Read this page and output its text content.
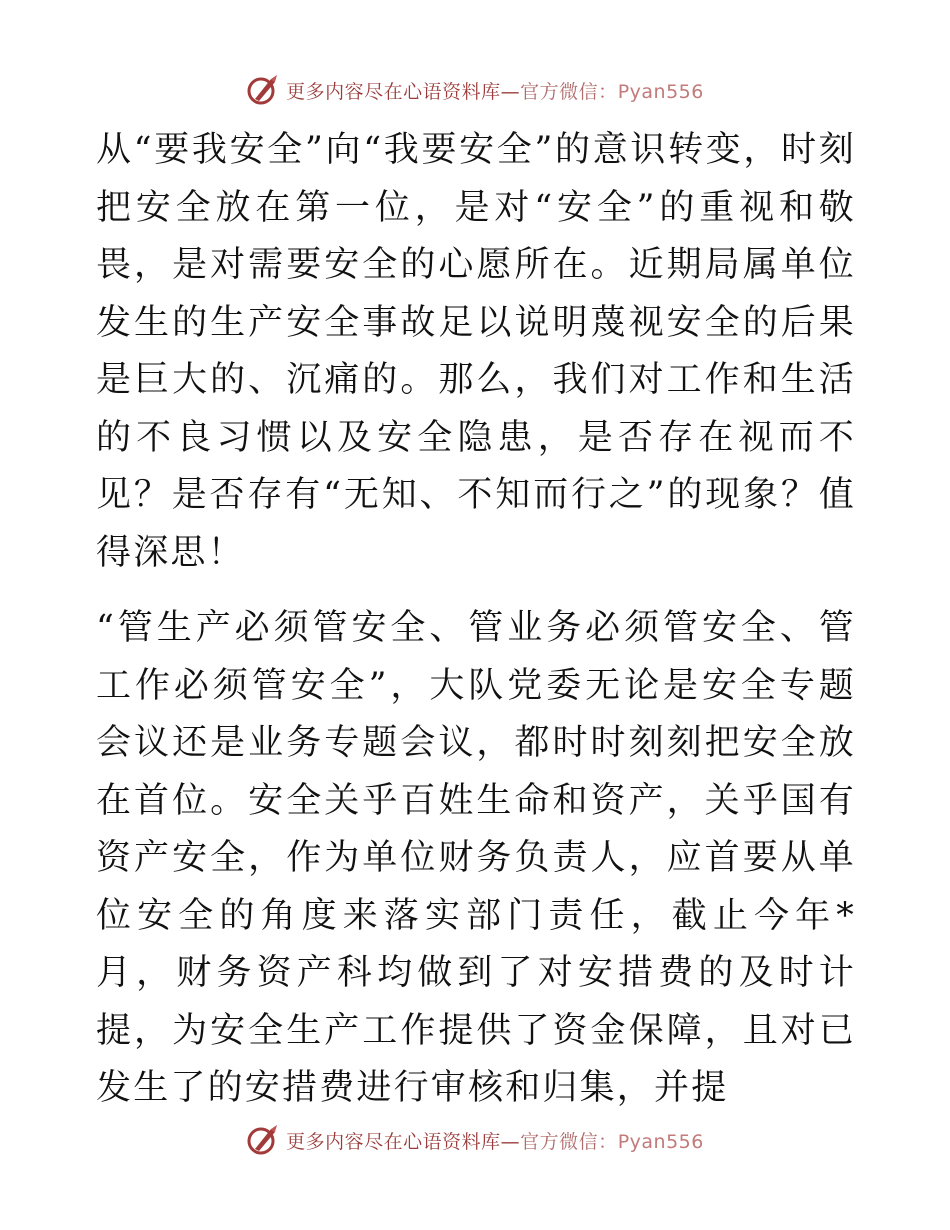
更多内容尽在心语资料库—官方微信：Pyan556

从“要我安全”向“我要安全”的意识转变，时刻把安全放在第一位，是对“安全”的重视和敬畏，是对需要安全的心愿所在。近期局属单位发生的生产安全事故足以说明蔑视安全的后果是巨大的、沉痛的。那么，我们对工作和生活的不良习惯以及安全隐患，是否存在视而不见？是否存有“无知、不知而行之”的现象？值得深思！

“管生产必须管安全、管业务必须管安全、管工作必须管安全”，大队党委无论是安全专题会议还是业务专题会议，都时时刻刻把安全放在首位。安全关乎百姓生命和资产，关乎国有资产安全，作为单位财务负责人，应首要从单位安全的角度来落实部门责任，截止今年*月，财务资产科均做到了对安措费的及时计提，为安全生产工作提供了资金保障，且对已发生了的安措费进行审核和归集，并提

更多内容尽在心语资料库—官方微信：Pyan556
